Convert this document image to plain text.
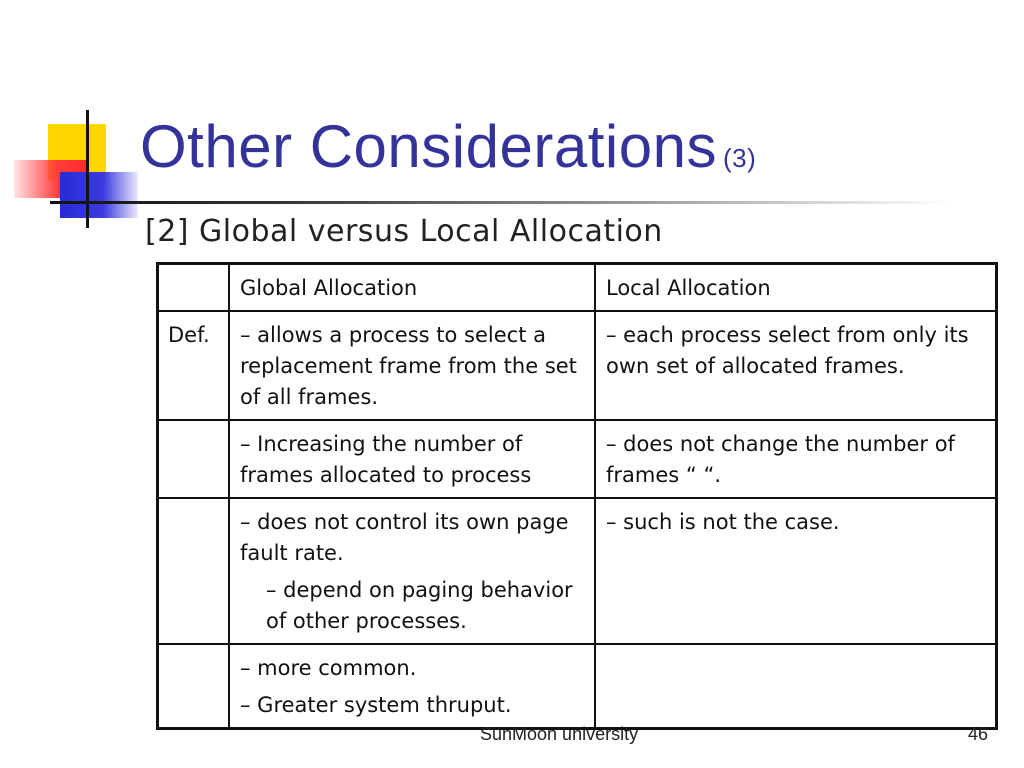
Other Considerations (3)
[2] Global versus Local Allocation
	Global Allocation	Local Allocation
Def.	– allows a process to select a replacement frame from the set of all frames.	– each process select from only its own set of allocated frames.

	– Increasing the number of frames allocated to process	– does not change the number of frames “ “.

	– does not control its own page fault rate.
– depend on paging behavior of other processes.	– such is not the case.

	– more common.
– Greater system thruput.	

SunMoon university	46
